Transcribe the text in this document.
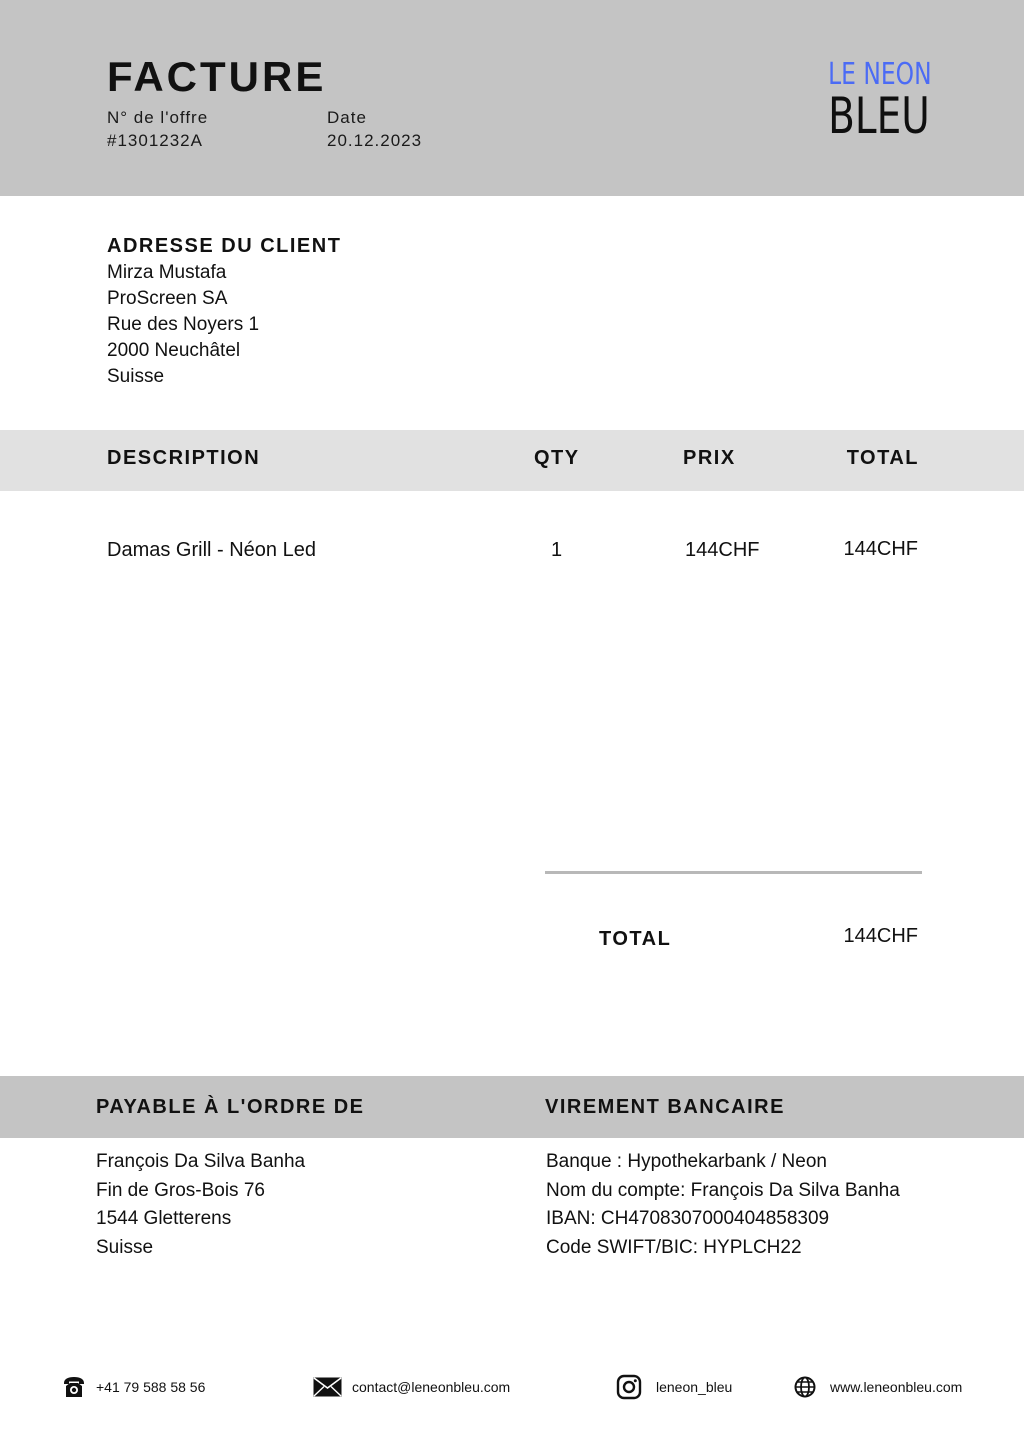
FACTURE
N° de l'offre
#1301232A
Date
20.12.2023
LE NEON
BLEU
ADRESSE DU CLIENT
Mirza Mustafa
ProScreen SA
Rue des Noyers 1
2000 Neuchâtel
Suisse
DESCRIPTION	QTY	PRIX	TOTAL
Damas Grill - Néon Led	1	144CHF	144CHF
TOTAL	144CHF
PAYABLE À L'ORDRE DE	VIREMENT BANCAIRE
François Da Silva Banha
Fin de Gros-Bois 76
1544 Gletterens
Suisse
Banque : Hypothekarbank / Neon
Nom du compte: François Da Silva Banha
IBAN: CH4708307000404858309
Code SWIFT/BIC: HYPLCH22
+41 79 588 58 56	contact@leneonbleu.com	leneon_bleu	www.leneonbleu.com
